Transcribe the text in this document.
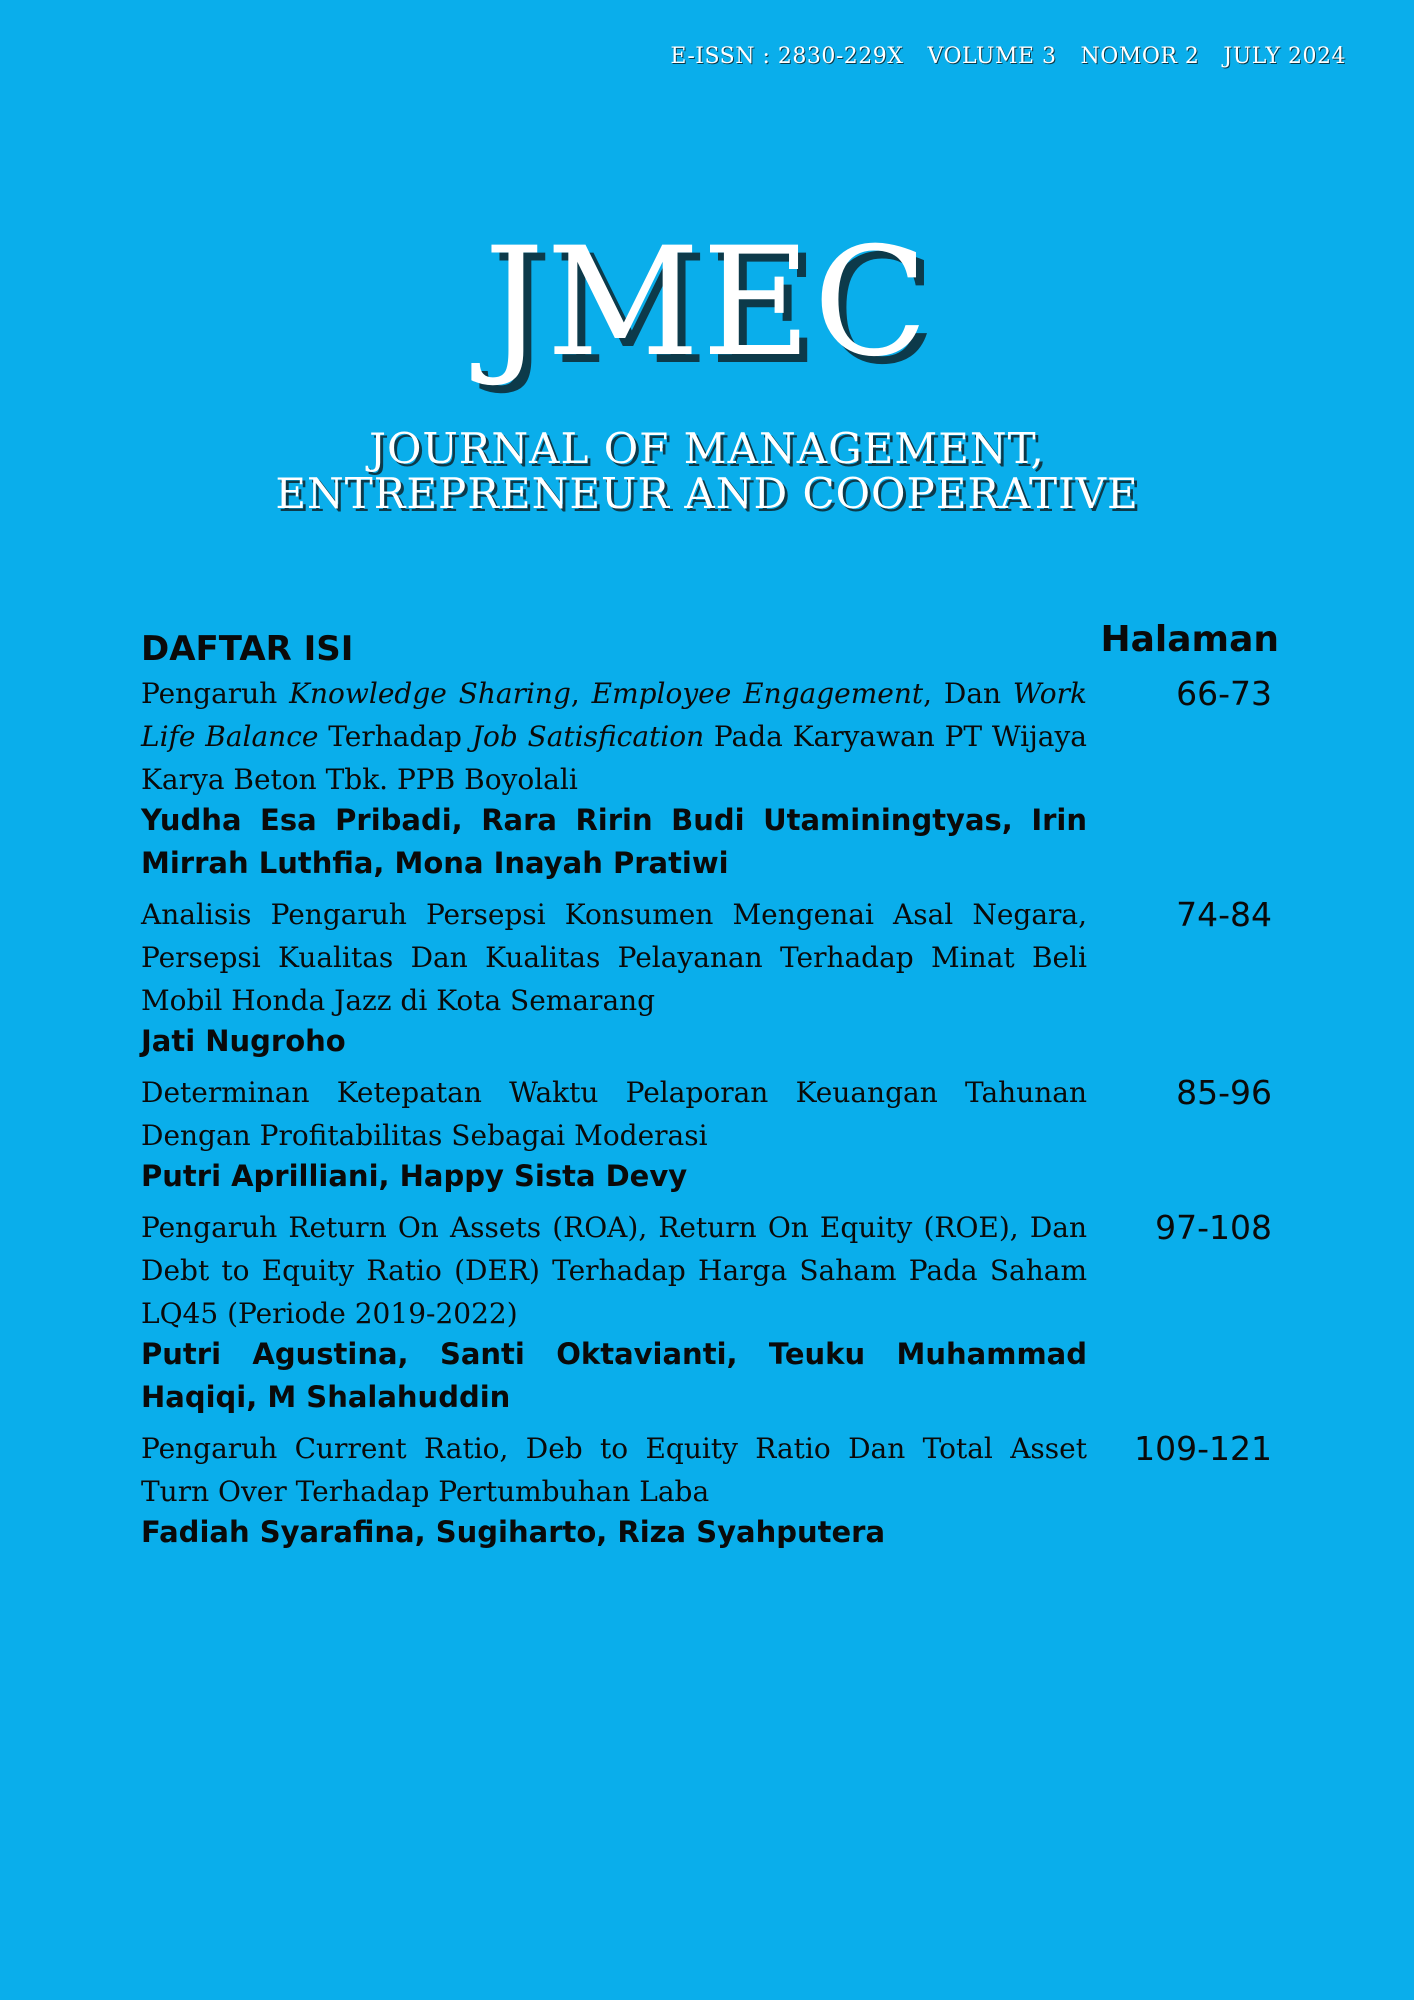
E-ISSN : 2830-229X VOLUME 3 NOMOR 2 JULY 2024
JMEC
JOURNAL OF MANAGEMENT,
ENTREPRENEUR AND COOPERATIVE
DAFTAR ISI	Halaman
Pengaruh Knowledge Sharing, Employee Engagement, Dan Work Life Balance Terhadap Job Satisfication Pada Karyawan PT Wijaya Karya Beton Tbk. PPB Boyolali
Yudha Esa Pribadi, Rara Ririn Budi Utaminingtyas, Irin Mirrah Luthfia, Mona Inayah Pratiwi
66-73
Analisis Pengaruh Persepsi Konsumen Mengenai Asal Negara, Persepsi Kualitas Dan Kualitas Pelayanan Terhadap Minat Beli Mobil Honda Jazz di Kota Semarang
Jati Nugroho
74-84
Determinan Ketepatan Waktu Pelaporan Keuangan Tahunan Dengan Profitabilitas Sebagai Moderasi
Putri Aprilliani, Happy Sista Devy
85-96
Pengaruh Return On Assets (ROA), Return On Equity (ROE), Dan Debt to Equity Ratio (DER) Terhadap Harga Saham Pada Saham LQ45 (Periode 2019-2022)
Putri Agustina, Santi Oktavianti, Teuku Muhammad Haqiqi, M Shalahuddin
97-108
Pengaruh Current Ratio, Deb to Equity Ratio Dan Total Asset Turn Over Terhadap Pertumbuhan Laba
Fadiah Syarafina, Sugiharto, Riza Syahputera
109-121
